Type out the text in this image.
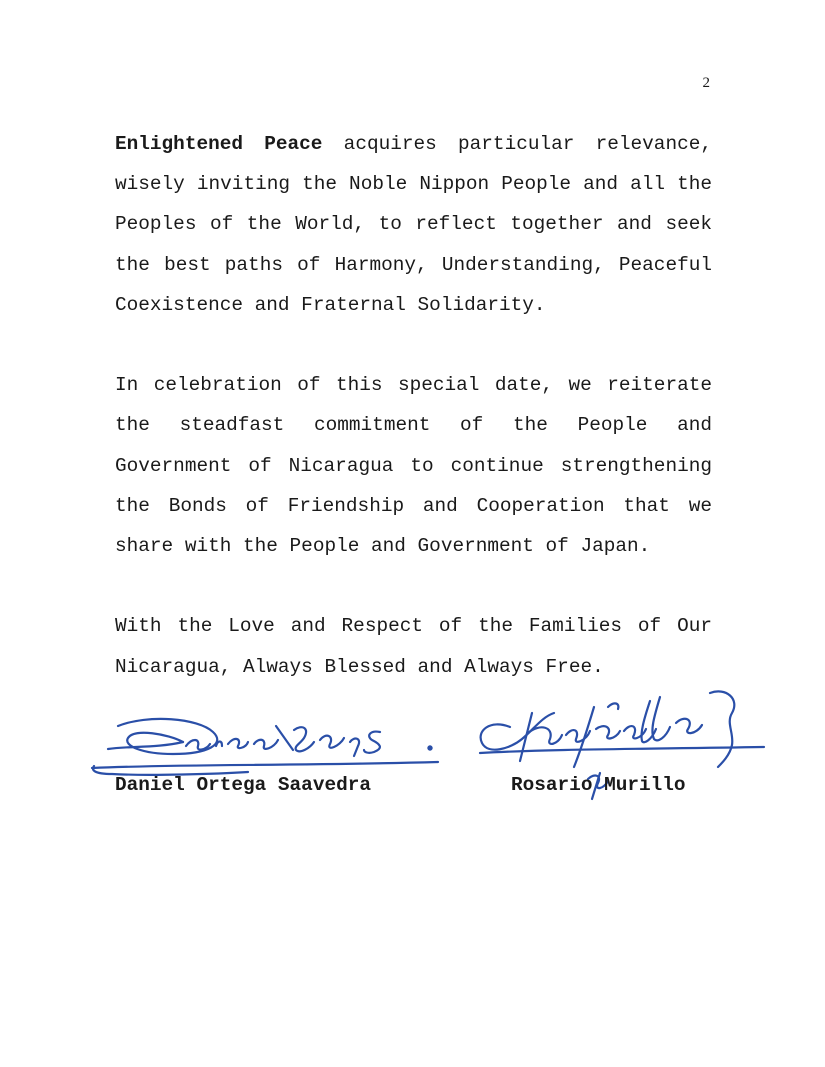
2

Enlightened Peace acquires particular relevance, wisely inviting the Noble Nippon People and all the Peoples of the World, to reflect together and seek the best paths of Harmony, Understanding, Peaceful Coexistence and Fraternal Solidarity.

In celebration of this special date, we reiterate the steadfast commitment of the People and Government of Nicaragua to continue strengthening the Bonds of Friendship and Cooperation that we share with the People and Government of Japan.

With the Love and Respect of the Families of Our Nicaragua, Always Blessed and Always Free.

Daniel Ortega Saavedra	Rosario Murillo
